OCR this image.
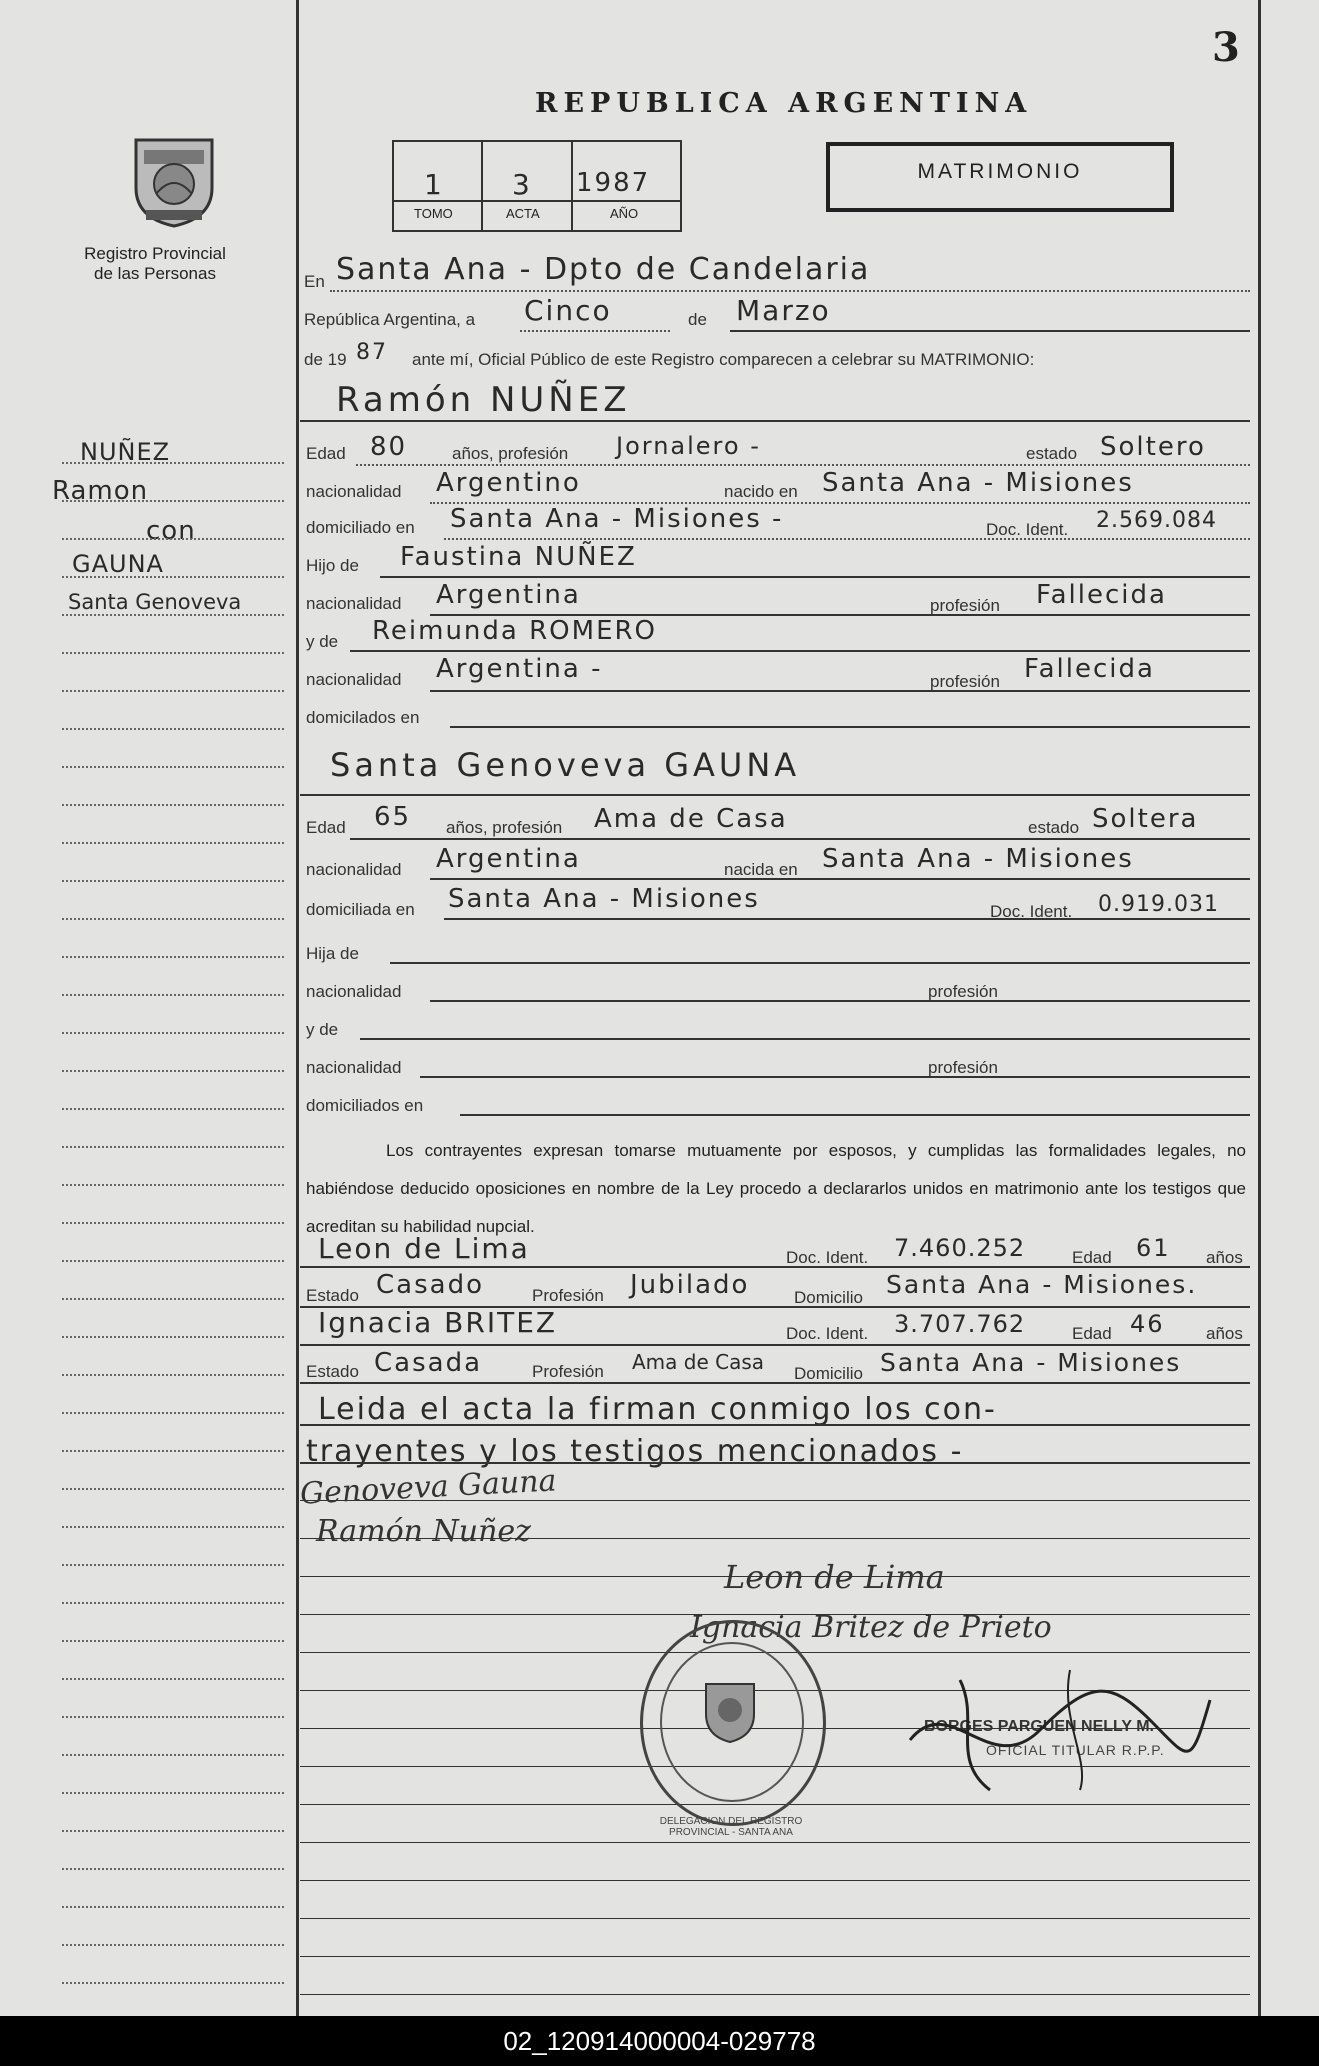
3
REPUBLICA ARGENTINA
Registro Provincial
de las Personas
1 3 1987
TOMO	ACTA	AÑO
MATRIMONIO
NUÑEZ
Ramon
con
GAUNA
Santa Genoveva
En Santa Ana - Dpto de Candelaria
República Argentina, a Cinco	de Marzo
de 19 87 ante mí, Oficial Público de este Registro comparecen a celebrar su MATRIMONIO:
Ramón NUÑEZ
Edad 80	años, profesión Jornalero -	estado Soltero
nacionalidad Argentino	nacido en Santa Ana - Misiones
domiciliado en Santa Ana - Misiones -	Doc. Ident. 2.569.084
Hijo de Faustina NUÑEZ
nacionalidad Argentina	profesión Fallecida
y de Reimunda ROMERO
nacionalidad Argentina -	profesión Fallecida
domicilados en
Santa Genoveva GAUNA
Edad 65 años, profesión Ama de Casa	estado Soltera
nacionalidad Argentina	nacida en Santa Ana - Misiones
domiciliada en Santa Ana - Misiones	Doc. Ident. 0.919.031
Hija de
nacionalidad	profesión
y de
nacionalidad	profesión
domiciliados en
Los contrayentes expresan tomarse mutuamente por esposos, y cumplidas las formalidades legales, no habiéndose deducido oposiciones en nombre de la Ley procedo a declararlos unidos en matrimonio ante los testigos que acreditan su habilidad nupcial.
Leon de Lima	Doc. Ident. 7.460.252	Edad 61 años
Estado Casado	Profesión Jubilado	Domicilio Santa Ana - Misiones.
Ignacia BRITEZ	Doc. Ident. 3.707.762	Edad 46 años
Estado Casada	Profesión Ama de Casa Domicilio Santa Ana - Misiones
Leida el acta la firman conmigo los con-
trayentes y los testigos mencionados -
Genoveva Gauna
Ramón Nuñez
Leon de Lima
Ignacia Britez de Prieto
DELEGACION DEL REGISTRO PROVINCIAL - SANTA ANA
BORGES PARGUEN NELLY M.
OFICIAL TITULAR R.P.P.
02_120914000004-029778
